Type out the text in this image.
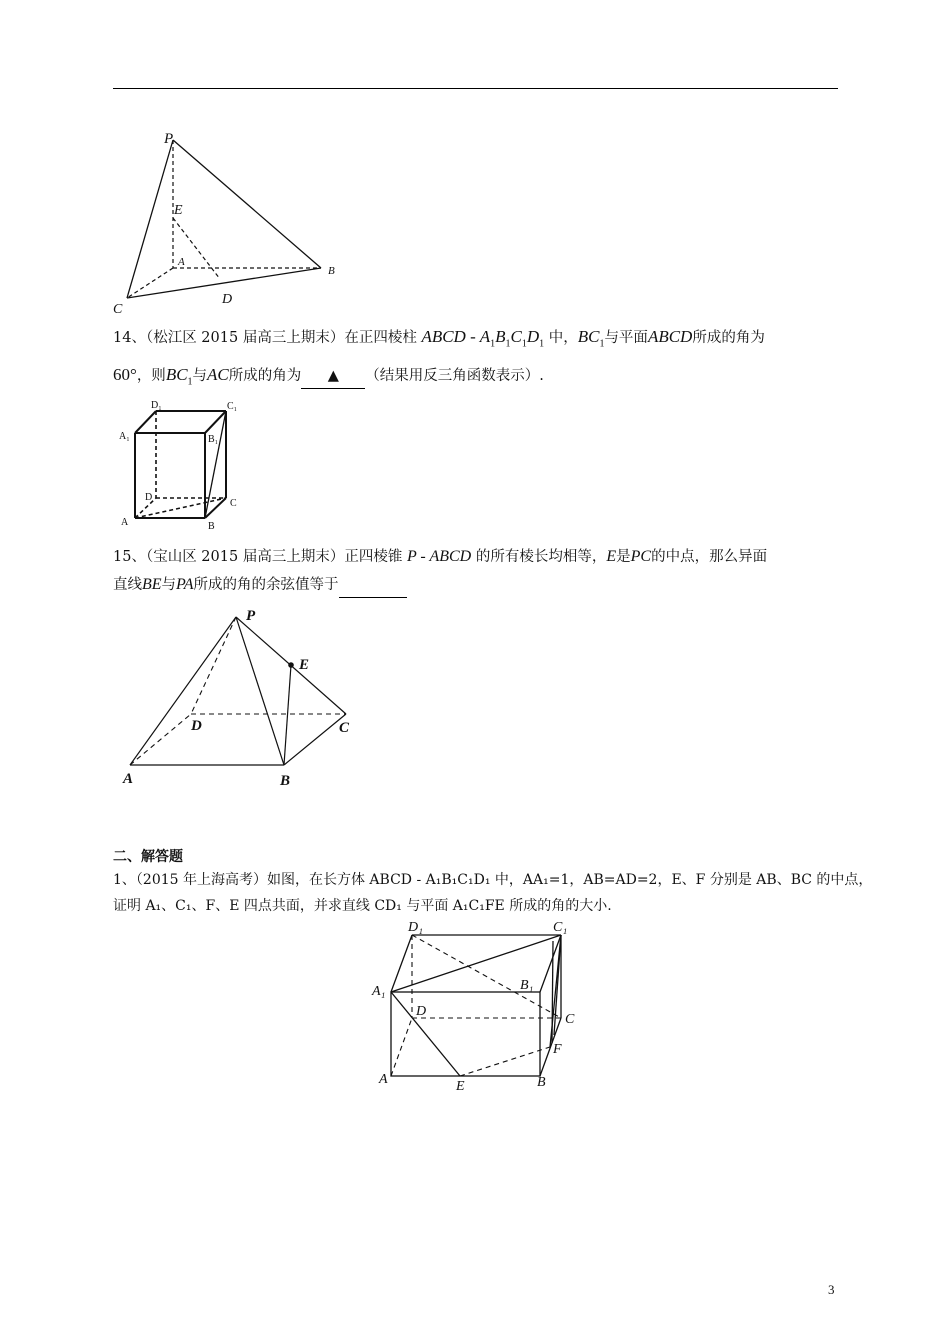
P
E
A
B
C
D
14、（松江区 2015 届高三上期末）在正四棱柱 ABCD - $A_1B_1C_1D_1$ 中，$BC_1$与平面ABCD所成的角为
60°，则$BC_1$与AC所成的角为 ▲ （结果用反三角函数表示）.
D₁	C₁
A₁	B₁
D
C
A	B
15、（宝山区 2015 届高三上期末）正四棱锥 P - ABCD 的所有棱长均相等，E是PC的中点，那么异面
直线BE与PA所成的角的余弦值等于
P
E
D	C
A	B
二、解答题
1、（2015 年上海高考）如图，在长方体 ABCD - A₁B₁C₁D₁ 中，AA₁=1，AB=AD=2，E、F 分别是 AB、BC 的中点，
证明 A₁、C₁、F、E 四点共面，并求直线 CD₁ 与平面 A₁C₁FE 所成的角的大小.
D₁	C₁
A₁	B₁
D
C
F
A	E	B
3
